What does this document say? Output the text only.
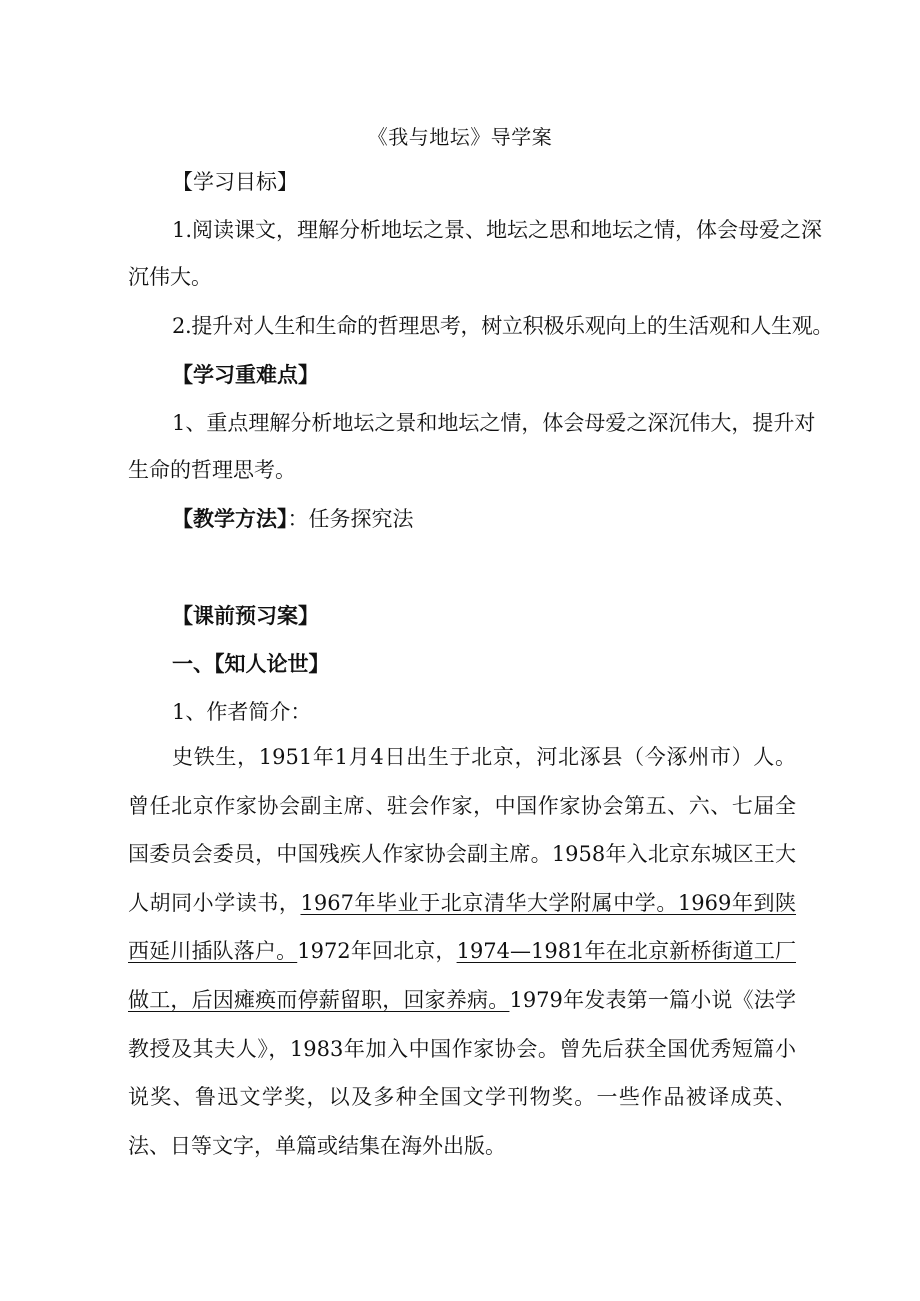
《我与地坛》导学案
【学习目标】
1.阅读课文，理解分析地坛之景、地坛之思和地坛之情，体会母爱之深
沉伟大。
2.提升对人生和生命的哲理思考，树立积极乐观向上的生活观和人生观。
【学习重难点】
1、重点理解分析地坛之景和地坛之情，体会母爱之深沉伟大，提升对
生命的哲理思考。
【教学方法】：任务探究法
【课前预习案】
一、【知人论世】
1、作者简介：
史铁生，1951年1月4日出生于北京，河北涿县（今涿州市）人。曾任北京作家协会副主席、驻会作家，中国作家协会第五、六、七届全国委员会委员，中国残疾人作家协会副主席。1958年入北京东城区王大人胡同小学读书，1967年毕业于北京清华大学附属中学。1969年到陕西延川插队落户。1972年回北京，1974—1981年在北京新桥街道工厂做工，后因瘫痪而停薪留职，回家养病。1979年发表第一篇小说《法学教授及其夫人》，1983年加入中国作家协会。曾先后获全国优秀短篇小说奖、鲁迅文学奖，以及多种全国文学刊物奖。一些作品被译成英、法、日等文字，单篇或结集在海外出版。
